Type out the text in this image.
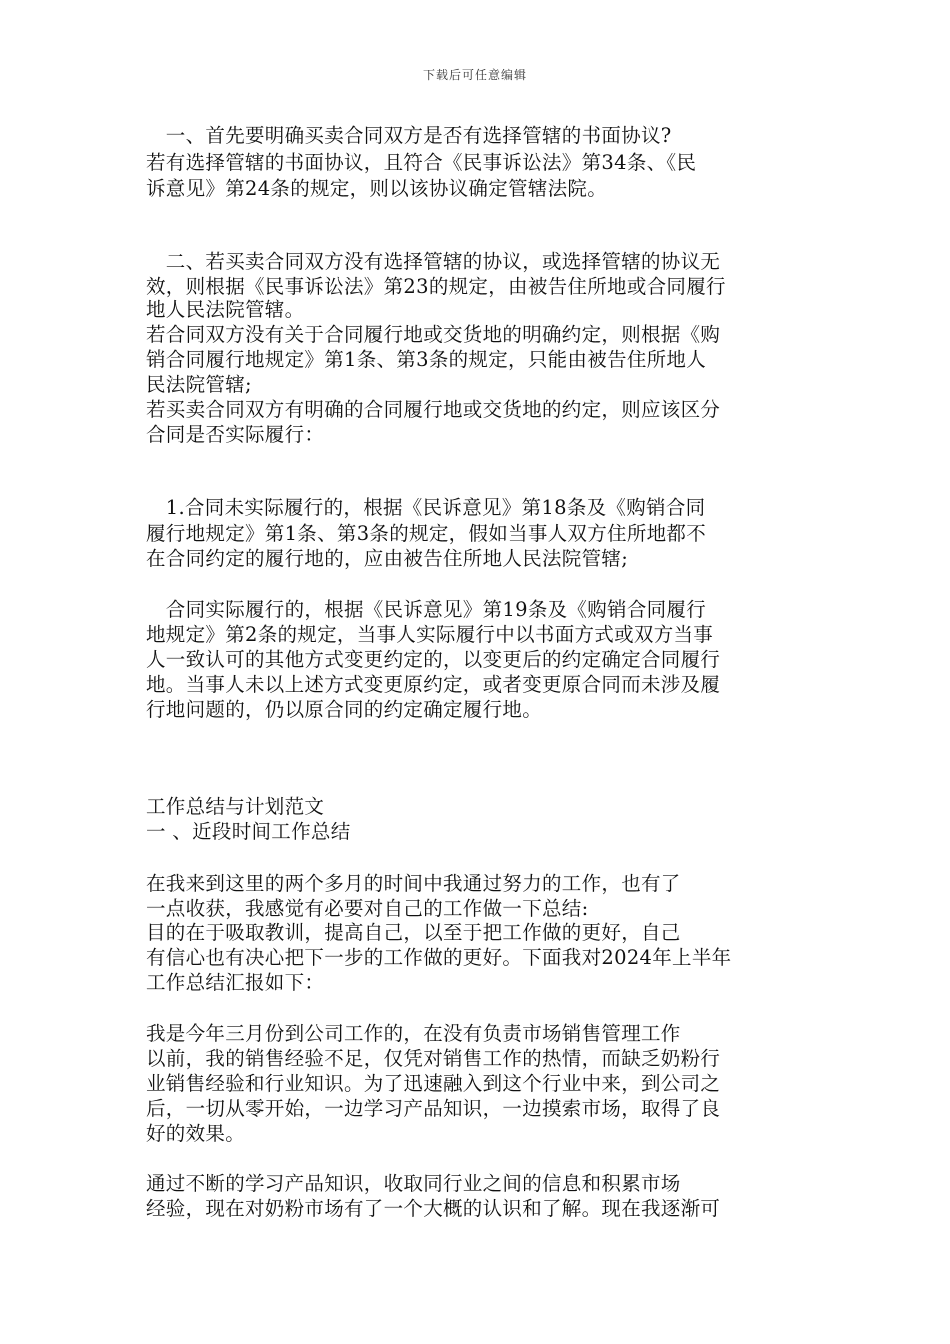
下载后可任意编辑
　一、首先要明确买卖合同双方是否有选择管辖的书面协议?
若有选择管辖的书面协议，且符合《民事诉讼法》第34条、《民
诉意见》第24条的规定，则以该协议确定管辖法院。
　二、若买卖合同双方没有选择管辖的协议，或选择管辖的协议无
效，则根据《民事诉讼法》第23的规定，由被告住所地或合同履行
地人民法院管辖。
若合同双方没有关于合同履行地或交货地的明确约定，则根据《购
销合同履行地规定》第1条、第3条的规定，只能由被告住所地人
民法院管辖;
若买卖合同双方有明确的合同履行地或交货地的约定，则应该区分
合同是否实际履行：
　1.合同未实际履行的，根据《民诉意见》第18条及《购销合同
履行地规定》第1条、第3条的规定，假如当事人双方住所地都不
在合同约定的履行地的，应由被告住所地人民法院管辖;
　合同实际履行的，根据《民诉意见》第19条及《购销合同履行
地规定》第2条的规定，当事人实际履行中以书面方式或双方当事
人一致认可的其他方式变更约定的，以变更后的约定确定合同履行
地。当事人未以上述方式变更原约定，或者变更原合同而未涉及履
行地问题的，仍以原合同的约定确定履行地。
工作总结与计划范文
一 、近段时间工作总结
在我来到这里的两个多月的时间中我通过努力的工作，也有了
一点收获，我感觉有必要对自己的工作做一下总结:
目的在于吸取教训，提高自己，以至于把工作做的更好，自己
有信心也有决心把下一步的工作做的更好。下面我对2024年上半年
工作总结汇报如下：
我是今年三月份到公司工作的，在没有负责市场销售管理工作
以前，我的销售经验不足，仅凭对销售工作的热情，而缺乏奶粉行
业销售经验和行业知识。为了迅速融入到这个行业中来，到公司之
后，一切从零开始，一边学习产品知识，一边摸索市场，取得了良
好的效果。
通过不断的学习产品知识，收取同行业之间的信息和积累市场
经验，现在对奶粉市场有了一个大概的认识和了解。现在我逐渐可
